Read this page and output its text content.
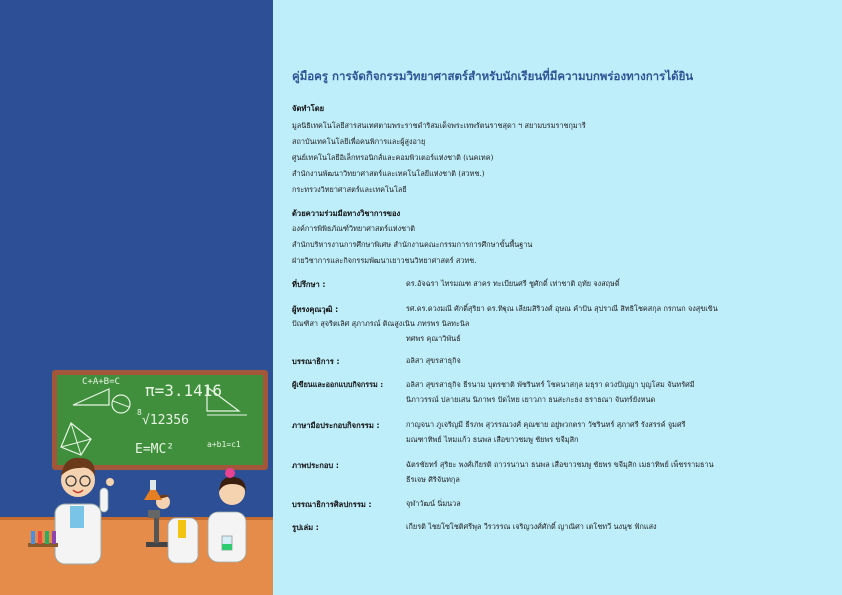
C+A+B=C π=3.1416
8
√12356
E=MC²	a+b1=c1
คู่มือครู การจัดกิจกรรมวิทยาศาสตร์สำหรับนักเรียนที่มีความบกพร่องทางการได้ยิน
จัดทำโดย
มูลนิธิเทคโนโลยีสารสนเทศตามพระราชดำริสมเด็จพระเทพรัตนราชสุดา ฯ สยามบรมราชกุมารี
สถาบันเทคโนโลยีเพื่อคนพิการและผู้สูงอายุ
ศูนย์เทคโนโลยีอิเล็กทรอนิกส์และคอมพิวเตอร์แห่งชาติ (เนคเทค)
สำนักงานพัฒนาวิทยาศาสตร์และเทคโนโลยีแห่งชาติ (สวทช.)
กระทรวงวิทยาศาสตร์และเทคโนโลยี
ด้วยความร่วมมือทางวิชาการของ
องค์การพิพิธภัณฑ์วิทยาศาสตร์แห่งชาติ
สำนักบริหารงานการศึกษาพิเศษ สำนักงานคณะกรรมการการศึกษาขั้นพื้นฐาน
ฝ่ายวิชาการและกิจกรรมพัฒนาเยาวชนวิทยาศาสตร์ สวทช.
ที่ปรึกษา :	ดร.อัจฉรา ไทรมณฑ สาคร ทะเบียนศรี ชูศักดิ์ เท่าชาติ ฤทัย จงสฤษดิ์
ผู้ทรงคุณวุฒิ :	รศ.ดร.ดวงมณี ศักดิ์สุริยา ดร.ทิฐุณ เลียมสิริวงศ์ อุษณ คำปัน สุปราณี สิทธิโชคสกุล กรกนก จงสุขเขิน
ปัณฑิสา สุจริตเลิศ สุภาภรณ์ ติณสูงเนิน ภทรพร นิลทะนิล
ทศพร คุณาวิพันธ์
บรรณาธิการ :	อลิสา สุขรสาธุกิจ
ผู้เขียนและออกแบบกิจกรรม :	อลิสา สุขรสาธุกิจ ธีรนาม บุตรชาติ พัชรินทร์ โชคนาสกุล มธุรา ดวงปัญญา บุญโสม จันทรัศมี
นิภาวรรณ์ ปลายเสน นิภาพร ปัดไทย เยาวภา ธนสะกะธง ธราธณา จันทร์ยังหนด
ภาษามือประกอบกิจกรรม :	กาญจนา ภูเจริญมี ธีรภพ สุวรรณวงศ์ คุณชาย อยู่พวกตรา วัชรินทร์ สุภาศรี รังสรรค์ จูมศรี
มณฑาทิพย์ ไหมแก้ว ธนพล เสือขาวชมพู ชัยพร ขจีมุสิก
ภาพประกอบ :	ฉัตรชัยทร์ สุริยะ พงศ์เกียรติ ถาวรนานา ธนพล เสือขาวชมพู ชัยพร ขจีมุสิก เมธาทิพย์ เพ็ชรรามธาน
ธีรเจษ ศิริจันทกุล
บรรณาธิการศิลปกรรม :	จุฬาวัฒน์ นิ่มนวล
รูปเล่ม :	เกียรติ ไชยโซโชติศรีพุล วีรวรรณ เจริญวงศ์ศักดิ์ ญาณิศา เตโชทวี นงนุช ฟักแสง
